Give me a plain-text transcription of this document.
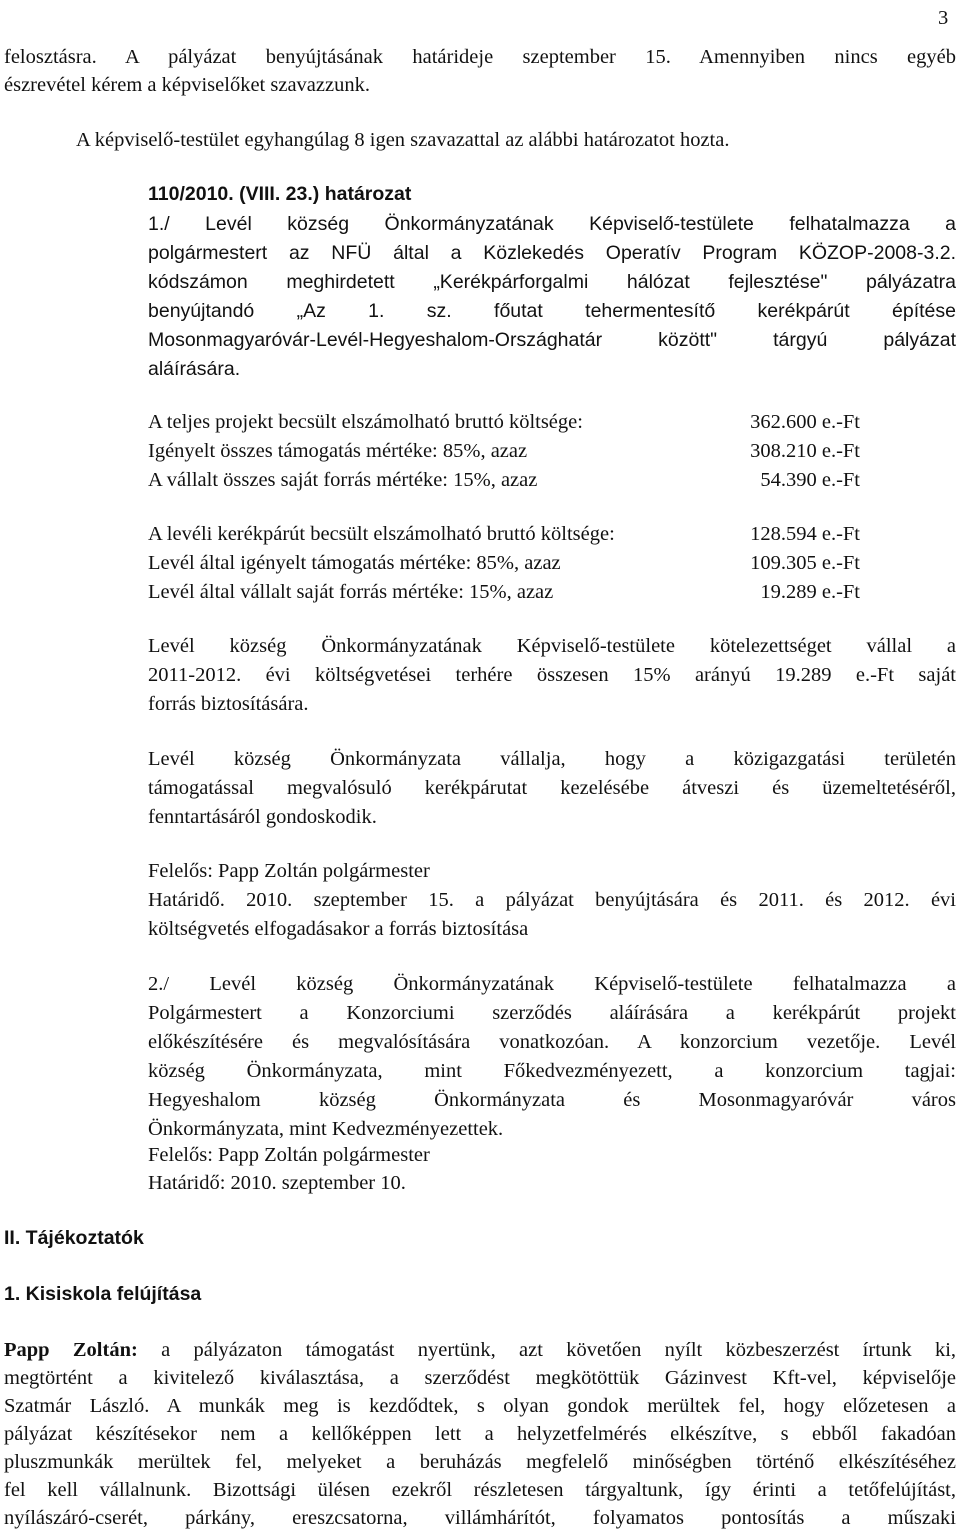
3
felosztásra. A pályázat benyújtásának határideje szeptember 15. Amennyiben nincs egyéb
észrevétel kérem a képviselőket szavazzunk.
A képviselő-testület egyhangúlag 8 igen szavazattal az alábbi határozatot hozta.
110/2010. (VIII. 23.) határozat
1./ Levél község Önkormányzatának Képviselő-testülete felhatalmazza a
polgármestert az NFÜ által a Közlekedés Operatív Program KÖZOP-2008-3.2.
kódszámon meghirdetett „Kerékpárforgalmi hálózat fejlesztése" pályázatra
benyújtandó „Az 1. sz. főutat tehermentesítő kerékpárút építése
Mosonmagyaróvár-Levél-Hegyeshalom-Országhatár között" tárgyú pályázat
aláírására.
A teljes projekt becsült elszámolható bruttó költsége:	362.600 e.-Ft
Igényelt összes támogatás mértéke: 85%, azaz	308.210 e.-Ft
A vállalt összes saját forrás mértéke: 15%, azaz	54.390 e.-Ft
A levéli kerékpárút becsült elszámolható bruttó költsége:	128.594 e.-Ft
Levél által igényelt támogatás mértéke: 85%, azaz	109.305 e.-Ft
Levél által vállalt saját forrás mértéke: 15%, azaz	19.289 e.-Ft
Levél község Önkormányzatának Képviselő-testülete kötelezettséget vállal a
2011-2012. évi költségvetései terhére összesen 15% arányú 19.289 e.-Ft saját
forrás biztosítására.
Levél község Önkormányzata vállalja, hogy a közigazgatási területén
támogatással megvalósuló kerékpárutat kezelésébe átveszi és üzemeltetéséről,
fenntartásáról gondoskodik.
Felelős: Papp Zoltán polgármester
Határidő. 2010. szeptember 15. a pályázat benyújtására és 2011. és 2012. évi
költségvetés elfogadásakor a forrás biztosítása
2./ Levél község Önkormányzatának Képviselő-testülete felhatalmazza a
Polgármestert a Konzorciumi szerződés aláírására a kerékpárút projekt
előkészítésére és megvalósítására vonatkozóan. A konzorcium vezetője. Levél
község Önkormányzata, mint Főkedvezményezett, a konzorcium tagjai:
Hegyeshalom község Önkormányzata és Mosonmagyaróvár város
Önkormányzata, mint Kedvezményezettek.
Felelős: Papp Zoltán polgármester
Határidő: 2010. szeptember 10.
II. Tájékoztatók
1. Kisiskola felújítása
Papp Zoltán: a pályázaton támogatást nyertünk, azt követően nyílt közbeszerzést írtunk ki,
megtörtént a kivitelező kiválasztása, a szerződést megkötöttük Gázinvest Kft-vel, képviselője
Szatmár László. A munkák meg is kezdődtek, s olyan gondok merültek fel, hogy előzetesen a
pályázat készítésekor nem a kellőképpen lett a helyzetfelmérés elkészítve, s ebből fakadóan
pluszmunkák merültek fel, melyeket a beruházás megfelelő minőségben történő elkészítéséhez
fel kell vállalnunk. Bizottsági ülésen ezekről részletesen tárgyaltunk, így érinti a tetőfelújítást,
nyílászáró-cserét, párkány, ereszcsatorna, villámhárítót, folyamatos pontosítás a műszaki
